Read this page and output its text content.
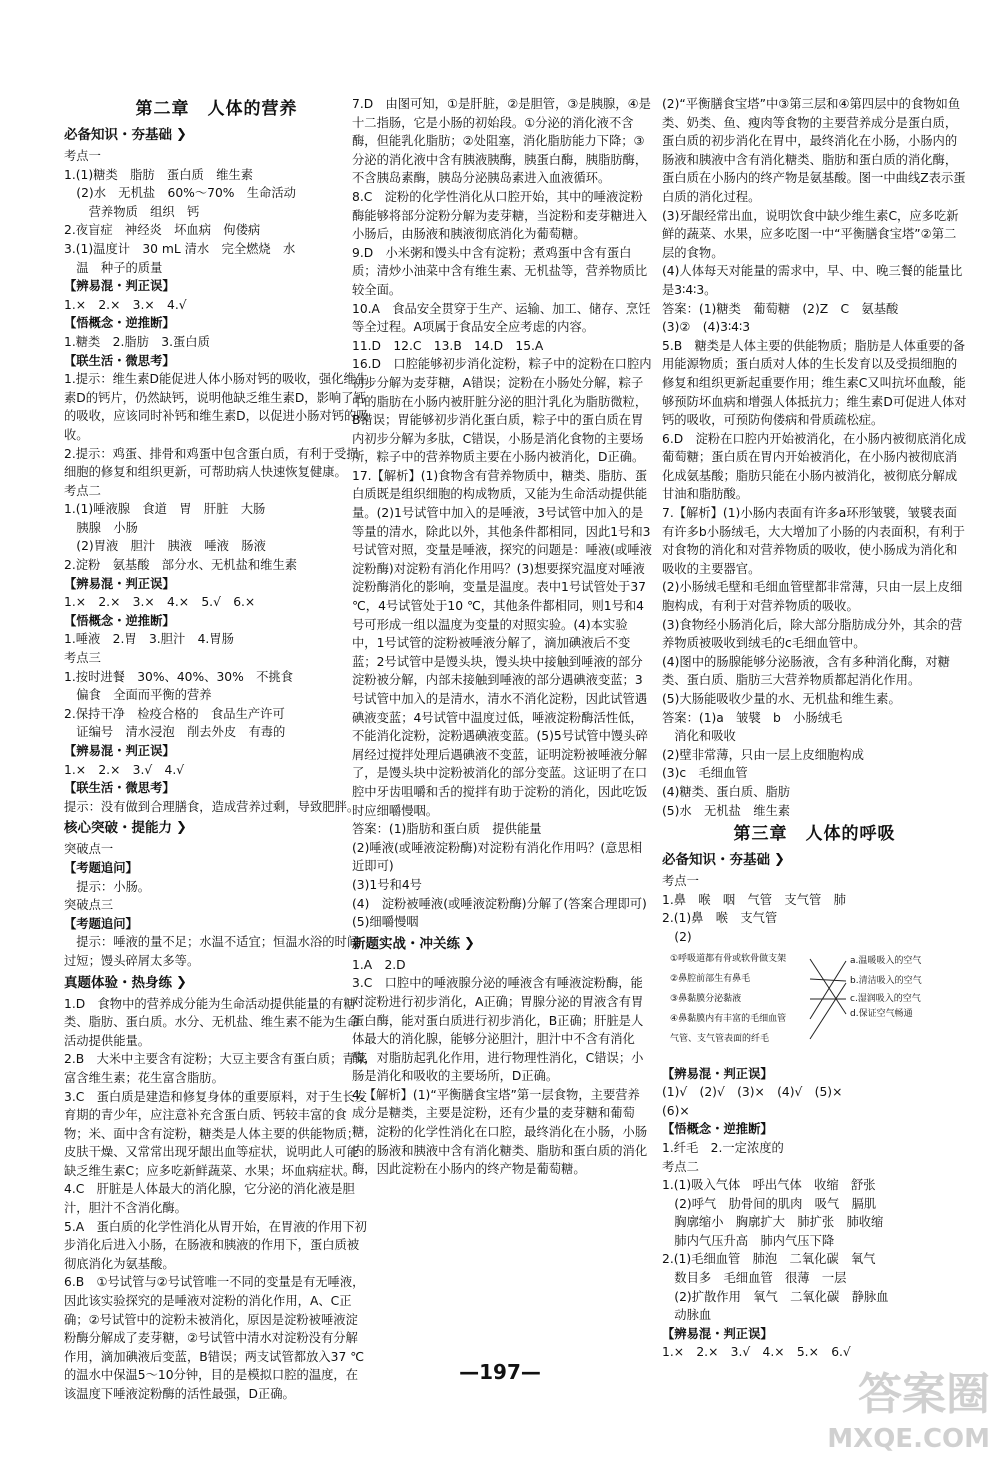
第二章　人体的营养
必备知识・夯基础 ❯

考点一
1.(1)糖类　脂肪　蛋白质　维生素
　(2)水　无机盐　60%～70%　生命活动
　　营养物质　组织　钙
2.夜盲症　神经炎　坏血病　佝偻病
3.(1)温度计　30 mL 清水　完全燃烧　水
　温　种子的质量

【辨易混・判正误】

1.×　2.×　3.×　4.√

【悟概念・逆推断】

1.糖类　2.脂肪　3.蛋白质

【联生活・微思考】

1.提示：维生素D能促进人体小肠对钙的吸收，强化维生素D的钙片，仍然缺钙，说明他缺乏维生素D，影响了钙的吸收，应该同时补钙和维生素D，以促进小肠对钙的吸收。
2.提示：鸡蛋、排骨和鸡蛋中包含蛋白质，有利于受损细胞的修复和组织更新，可帮助病人快速恢复健康。

考点二
1.(1)唾液腺　食道　胃　肝脏　大肠
　胰腺　小肠
　(2)胃液　胆汁　胰液　唾液　肠液
2.淀粉　氨基酸　部分水、无机盐和维生素

【辨易混・判正误】

1.×　2.×　3.×　4.×　5.√　6.×

【悟概念・逆推断】

1.唾液　2.胃　3.胆汁　4.胃肠

考点三
1.按时进餐　30%、40%、30%　不挑食
　偏食　全面而平衡的营养
2.保持干净　检疫合格的　食品生产许可
　证编号　清水浸泡　削去外皮　有毒的

【辨易混・判正误】

1.×　2.×　3.√　4.√

【联生活・微思考】

提示：没有做到合理膳食，造成营养过剩，导致肥胖。

核心突破・提能力 ❯

突破点一

【考题追问】

　提示：小肠。

突破点三

【考题追问】

　提示：唾液的量不足；水温不适宜；恒温水浴的时间过短；馒头碎屑太多等。

真题体验・热身练 ❯

1.D　食物中的营养成分能为生命活动提供能量的有糖类、脂肪、蛋白质。水分、无机盐、维生素不能为生命活动提供能量。
2.B　大米中主要含有淀粉；大豆主要含有蛋白质；青菜富含维生素；花生富含脂肪。
3.C　蛋白质是建造和修复身体的重要原料，对于生长发育期的青少年，应注意补充含蛋白质、钙较丰富的食物；米、面中含有淀粉，糖类是人体主要的供能物质；皮肤干燥、又常常出现牙龈出血等症状，说明此人可能缺乏维生素C；应多吃新鲜蔬菜、水果；坏血病症状。
4.C　肝脏是人体最大的消化腺，它分泌的消化液是胆汁，胆汁不含消化酶。
5.A　蛋白质的化学性消化从胃开始，在胃液的作用下初步消化后进入小肠，在肠液和胰液的作用下，蛋白质被彻底消化为氨基酸。
6.B　①号试管与②号试管唯一不同的变量是有无唾液，因此该实验探究的是唾液对淀粉的消化作用，A、C正确；②号试管中的淀粉未被消化，原因是淀粉被唾液淀粉酶分解成了麦芽糖，②号试管中清水对淀粉没有分解作用，滴加碘液后变蓝，B错误；两支试管都放入37 ℃的温水中保温5～10分钟，目的是模拟口腔的温度，在该温度下唾液淀粉酶的活性最强，D正确。

7.D　由图可知，①是肝脏，②是胆管，③是胰腺，④是十二指肠，它是小肠的初始段。①分泌的消化液不含酶，但能乳化脂肪；②处阻塞，消化脂肪能力下降；③分泌的消化液中含有胰液胰酶，胰蛋白酶，胰脂肪酶，不含胰岛素酶，胰岛分泌胰岛素进入血液循环。
8.C　淀粉的化学性消化从口腔开始，其中的唾液淀粉酶能够将部分淀粉分解为麦芽糖，当淀粉和麦芽糖进入小肠后，由肠液和胰液彻底消化为葡萄糖。
9.D　小米粥和馒头中含有淀粉；煮鸡蛋中含有蛋白质；清炒小油菜中含有维生素、无机盐等，营养物质比较全面。
10.A　食品安全贯穿于生产、运输、加工、储存、烹饪等全过程。A项属于食品安全应考虑的内容。
11.D　12.C　13.B　14.D　15.A
16.D　口腔能够初步消化淀粉，粽子中的淀粉在口腔内初步分解为麦芽糖，A错误；淀粉在小肠处分解，粽子中的脂肪在小肠内被肝脏分泌的胆汁乳化为脂肪微粒，B错误；胃能够初步消化蛋白质，粽子中的蛋白质在胃内初步分解为多肽，C错误，小肠是消化食物的主要场所，粽子中的营养物质主要在小肠内被消化，D正确。

17.【解析】(1)食物含有营养物质中，糖类、脂肪、蛋白质既是组织细胞的构成物质，又能为生命活动提供能量。(2)1号试管中加入的是唾液，3号试管中加入的是等量的清水，除此以外，其他条件都相同，因此1号和3号试管对照，变量是唾液，探究的问题是：唾液(或唾液淀粉酶)对淀粉有消化作用吗？(3)想要探究温度对唾液淀粉酶消化的影响，变量是温度。表中1号试管处于37 ℃，4号试管处于10 ℃，其他条件都相同，则1号和4号可形成一组以温度为变量的对照实验。(4)本实验中，1号试管的淀粉被唾液分解了，滴加碘液后不变蓝；2号试管中是馒头块，馒头块中接触到唾液的部分淀粉被分解，内部未接触到唾液的部分遇碘液变蓝；3号试管中加入的是清水，清水不消化淀粉，因此试管遇碘液变蓝；4号试管中温度过低，唾液淀粉酶活性低，不能消化淀粉，淀粉遇碘液变蓝。(5)5号试管中馒头碎屑经过搅拌处理后遇碘液不变蓝，证明淀粉被唾液分解了，是馒头块中淀粉被消化的部分变蓝。这证明了在口腔中牙齿咀嚼和舌的搅拌有助于淀粉的消化，因此吃饭时应细嚼慢咽。

答案：(1)脂肪和蛋白质　提供能量
(2)唾液(或唾液淀粉酶)对淀粉有消化作用吗？(意思相近即可)
(3)1号和4号
(4)　淀粉被唾液(或唾液淀粉酶)分解了(答案合理即可)
(5)细嚼慢咽

新题实战・冲关练 ❯

1.A　2.D
3.C　口腔中的唾液腺分泌的唾液含有唾液淀粉酶，能对淀粉进行初步消化，A正确；胃腺分泌的胃液含有胃蛋白酶，能对蛋白质进行初步消化，B正确；肝脏是人体最大的消化腺，能够分泌胆汁，胆汁中不含有消化酶，对脂肪起乳化作用，进行物理性消化，C错误；小肠是消化和吸收的主要场所，D正确。
4.【解析】(1)“平衡膳食宝塔”第一层食物，主要营养成分是糖类，主要是淀粉，还有少量的麦芽糖和葡萄糖，淀粉的化学性消化在口腔，最终消化在小肠，小肠内的肠液和胰液中含有消化糖类、脂肪和蛋白质的消化酶，因此淀粉在小肠内的终产物是葡萄糖。

(2)“平衡膳食宝塔”中③第三层和④第四层中的食物如鱼类、奶类、鱼、瘦肉等食物的主要营养成分是蛋白质，蛋白质的初步消化在胃中，最终消化在小肠，小肠内的肠液和胰液中含有消化糖类、脂肪和蛋白质的消化酶，蛋白质在小肠内的终产物是氨基酸。图一中曲线Z表示蛋白质的消化过程。
(3)牙龈经常出血，说明饮食中缺少维生素C，应多吃新鲜的蔬菜、水果，应多吃图一中“平衡膳食宝塔”②第二层的食物。
(4)人体每天对能量的需求中，早、中、晚三餐的能量比是3∶4∶3。
答案：(1)糖类　葡萄糖　(2)Z　C　氨基酸
(3)②　(4)3∶4∶3
5.B　糖类是人体主要的供能物质；脂肪是人体重要的备用能源物质；蛋白质对人体的生长发育以及受损细胞的修复和组织更新起重要作用；维生素C又叫抗坏血酸，能够预防坏血病和增强人体抵抗力；维生素D可促进人体对钙的吸收，可预防佝偻病和骨质疏松症。
6.D　淀粉在口腔内开始被消化，在小肠内被彻底消化成葡萄糖；蛋白质在胃内开始被消化，在小肠内被彻底消化成氨基酸；脂肪只能在小肠内被消化，被彻底分解成甘油和脂肪酸。
7.【解析】(1)小肠内表面有许多a环形皱襞，皱襞表面有许多b小肠绒毛，大大增加了小肠的内表面积，有利于对食物的消化和对营养物质的吸收，使小肠成为消化和吸收的主要器官。
(2)小肠绒毛壁和毛细血管壁都非常薄，只由一层上皮细胞构成，有利于对营养物质的吸收。
(3)食物经小肠消化后，除大部分脂肪成分外，其余的营养物质被吸收到绒毛的c毛细血管中。
(4)图中的肠腺能够分泌肠液，含有多种消化酶，对糖类、蛋白质、脂肪三大营养物质都起消化作用。
(5)大肠能吸收少量的水、无机盐和维生素。
答案：(1)a　皱襞　b　小肠绒毛
　消化和吸收
(2)壁非常薄，只由一层上皮细胞构成
(3)c　毛细血管
(4)糖类、蛋白质、脂肪
(5)水　无机盐　维生素

第三章　人体的呼吸
必备知识・夯基础 ❯

考点一
1.鼻　喉　咽　气管　支气管　肺
2.(1)鼻　喉　支气管
　(2)

①呼吸道都有骨或软骨做支架
②鼻腔前部生有鼻毛
③鼻黏膜分泌黏液
④鼻黏膜内有丰富的毛细血管
气管、支气管表面的纤毛
a.温暖吸入的空气
b.清洁吸入的空气
c.湿润吸入的空气
d.保证空气畅通

【辨易混・判正误】

(1)√　(2)√　(3)×　(4)√　(5)×
(6)×

【悟概念・逆推断】

1.纤毛　2.一定浓度的

考点二
1.(1)吸入气体　呼出气体　收缩　舒张
　(2)呼气　肋骨间的肌肉　吸气　膈肌
　胸廓缩小　胸廓扩大　肺扩张　肺收缩
　肺内气压升高　肺内气压下降
2.(1)毛细血管　肺泡　二氧化碳　氧气
　数目多　毛细血管　很薄　一层
　(2)扩散作用　氧气　二氧化碳　静脉血
　动脉血

【辨易混・判正误】

1.×　2.×　3.√　4.×　5.×　6.√

—197—	答案圈
MXQE.COM
